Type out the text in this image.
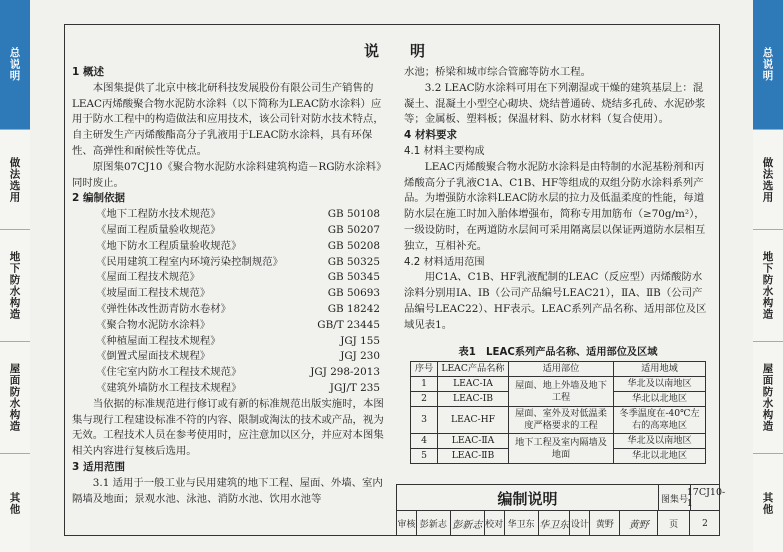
总说明
做法选用
地下防水构造
屋面防水构造
其他
总说明
做法选用
地下防水构造
屋面防水构造
其他
说 明

1 概述

本图集提供了北京中核北研科技发展股份有限公司生产销售的LEAC丙烯酸聚合物水泥防水涂料（以下简称为LEAC防水涂料）应用于防水工程中的构造做法和应用技术，该公司针对防水技术特点，自主研发生产丙烯酸酯高分子乳液用于LEAC防水涂料，具有环保性、高弹性和耐候性等优点。

原图集07CJ10《聚合物水泥防水涂料建筑构造－RG防水涂料》同时废止。

2 编制依据

《地下工程防水技术规范》	GB 50108
《屋面工程质量验收规范》	GB 50207
《地下防水工程质量验收规范》	GB 50208
《民用建筑工程室内环境污染控制规范》	GB 50325
《屋面工程技术规范》	GB 50345
《坡屋面工程技术规范》	GB 50693
《弹性体改性沥青防水卷材》	GB 18242
《聚合物水泥防水涂料》	GB/T 23445
《种植屋面工程技术规程》	JGJ 155
《倒置式屋面技术规程》	JGJ 230
《住宅室内防水工程技术规范》	JGJ 298-2013
《建筑外墙防水工程技术规程》	JGJ/T 235

当依据的标准规范进行修订或有新的标准规范出版实施时，本图集与现行工程建设标准不符的内容、限制或淘汰的技术或产品，视为无效。工程技术人员在参考使用时，应注意加以区分，并应对本图集相关内容进行复核后选用。

3 适用范围

3.1 适用于一般工业与民用建筑的地下工程、屋面、外墙、室内隔墙及地面；景观水池、泳池、消防水池、饮用水池等

水池；桥梁和城市综合管廊等防水工程。

3.2 LEAC防水涂料可用在下列潮湿或干燥的建筑基层上：混凝土、混凝土小型空心砌块、烧结普通砖、烧结多孔砖、水泥砂浆等；金属板、塑料板；保温材料、防水材料（复合使用）。

4 材料要求

4.1 材料主要构成

LEAC丙烯酸聚合物水泥防水涂料是由特制的水泥基粉剂和丙烯酸高分子乳液C1A、C1B、HF等组成的双组分防水涂料系列产品。为增强防水涂料LEAC防水层的拉力及低温柔度的性能，每道防水层在施工时加入胎体增强布，简称专用加筋布（≥70g/m²），一级设防时，在两道防水层间可采用隔离层以保证两道防水层相互独立，互相补充。

4.2 材料适用范围

用C1A、C1B、HF乳液配制的LEAC（反应型）丙烯酸防水涂料分别用ⅠA、ⅠB（公司产品编号LEAC21），ⅡA、ⅡB（公司产品编号LEAC22）、HF表示。LEAC系列产品名称、适用部位及区域见表1。

表1　LEAC系列产品名称、适用部位及区域
序号	LEAC产品名称	适用部位	适用地域
1	LEAC-ⅠA	屋面、地上外墙及地下工程	华北及以南地区
2	LEAC-ⅠB		华北以北地区
3	LEAC-HF	屋面、室外及对低温柔度严格要求的工程	冬季温度在-40℃左右的高寒地区
4	LEAC-ⅡA	地下工程及室内隔墙及地面	华北及以南地区
5	LEAC-ⅡB		华北以北地区
编制说明	图集号
17CJ10-1
审核 彭新志 彭新志 校对 华卫东 华卫东 设计 黄野	黄野	页	2
